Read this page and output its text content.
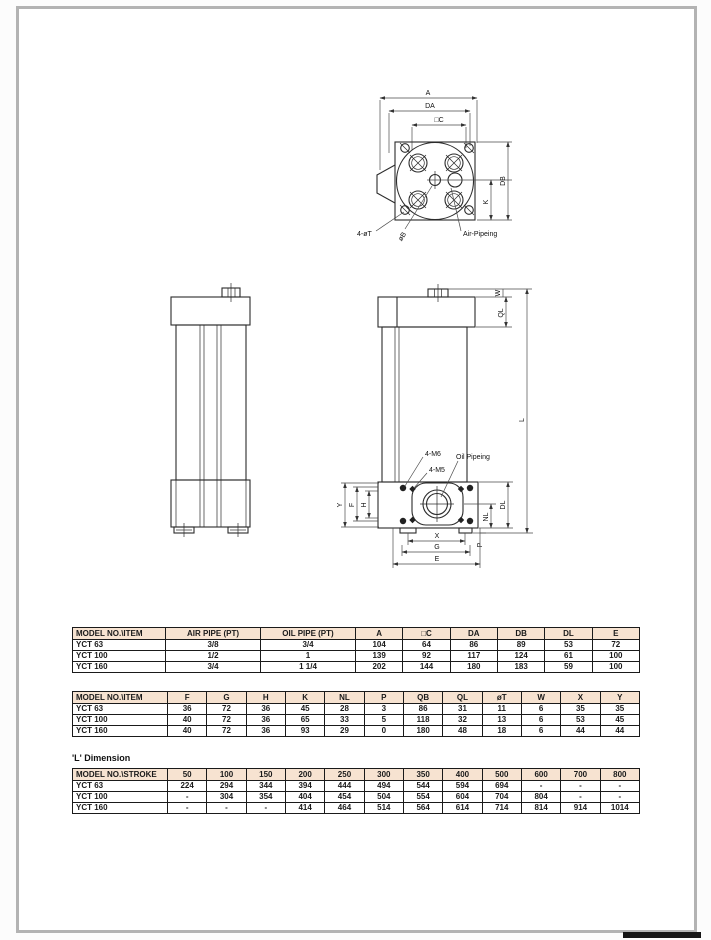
A
DA
□C
DB
K
4-øT	øB	Air-Pipeing
W
QL
L
DL
NL
P
Y F H
X
G
E
4-M6
4-M5
Oil Pipeing
MODEL NO.\ITEM	AIR PIPE (PT)	OIL PIPE (PT)	A	□C	DA	DB	DL	E
YCT 63	3/8	3/4	104	64	86	89	53	72
YCT 100	1/2	1	139	92	117	124	61	100
YCT 160	3/4	1 1/4	202	144	180	183	59	100
MODEL NO.\ITEM	F	G	H	K	NL	P	QB	QL	øT	W	X	Y
YCT 63	36	72	36	45	28	3	86	31	11	6	35	35
YCT 100	40	72	36	65	33	5	118	32	13	6	53	45
YCT 160	40	72	36	93	29	0	180	48	18	6	44	44
'L' Dimension
MODEL NO.\STROKE	50	100	150	200	250	300	350	400	500	600	700	800
YCT 63	224	294	344	394	444	494	544	594	694	-	-	-
YCT 100	-	304	354	404	454	504	554	604	704	804	-	-
YCT 160	-	-	-	414	464	514	564	614	714	814	914	1014
